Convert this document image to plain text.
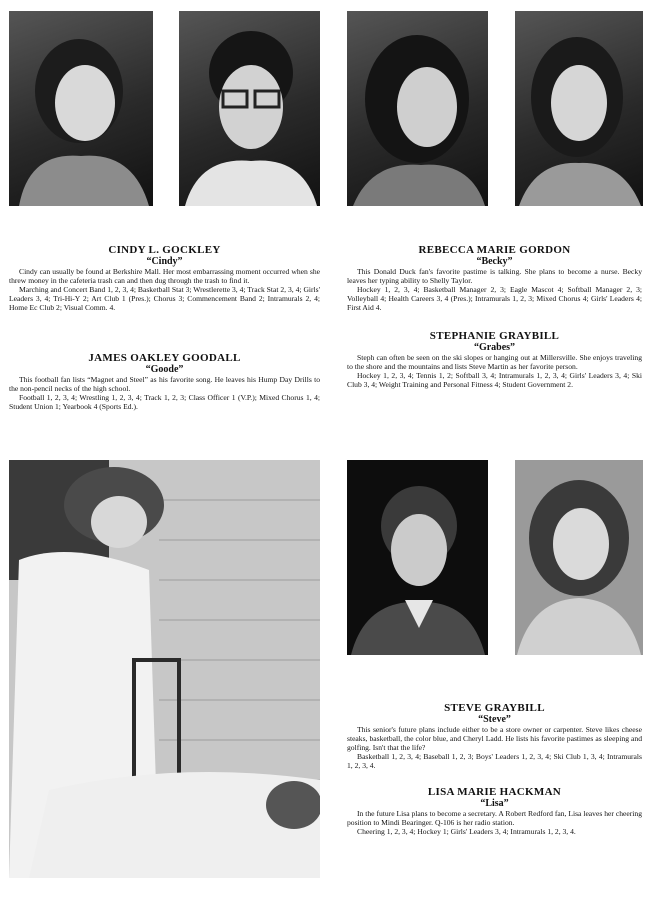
CINDY L. GOCKLEY

“Cindy”

Cindy can usually be found at Berkshire Mall. Her most embarrassing moment occurred when she threw money in the cafeteria trash can and then dug through the trash to find it.

Marching and Concert Band 1, 2, 3, 4; Basketball Stat 3; Wrestlerette 3, 4; Track Stat 2, 3, 4; Girls' Leaders 3, 4; Tri-Hi-Y 2; Art Club 1 (Pres.); Chorus 3; Commencement Band 2; Intramurals 2, 4; Home Ec Club 2; Visual Comm. 4.

JAMES OAKLEY GOODALL

“Goode”

This football fan lists “Magnet and Steel” as his favorite song. He leaves his Hump Day Drills to the non-pencil necks of the high school.

Football 1, 2, 3, 4; Wrestling 1, 2, 3, 4; Track 1, 2, 3; Class Officer 1 (V.P.); Mixed Chorus 1, 4; Student Union 1; Yearbook 4 (Sports Ed.).

REBECCA MARIE GORDON

“Becky”

This Donald Duck fan's favorite pastime is talking. She plans to become a nurse. Becky leaves her typing ability to Shelly Taylor.

Hockey 1, 2, 3, 4; Basketball Manager 2, 3; Eagle Mascot 4; Softball Manager 2, 3; Volleyball 4; Health Careers 3, 4 (Pres.); Intramurals 1, 2, 3; Mixed Chorus 4; Girls' Leaders 4; First Aid 4.

STEPHANIE GRAYBILL

“Grabes”

Steph can often be seen on the ski slopes or hanging out at Millersville. She enjoys traveling to the shore and the mountains and lists Steve Martin as her favorite person.

Hockey 1, 2, 3, 4; Tennis 1, 2; Softball 3, 4; Intramurals 1, 2, 3, 4; Girls' Leaders 3, 4; Ski Club 3, 4; Weight Training and Personal Fitness 4; Student Government 2.

STEVE GRAYBILL

“Steve”

This senior's future plans include either to be a store owner or carpenter. Steve likes cheese steaks, basketball, the color blue, and Cheryl Ladd. He lists his favorite pastimes as sleeping and golfing. Isn't that the life?

Basketball 1, 2, 3, 4; Baseball 1, 2, 3; Boys' Leaders 1, 2, 3, 4; Ski Club 1, 3, 4; Intramurals 1, 2, 3, 4.

LISA MARIE HACKMAN

“Lisa”

In the future Lisa plans to become a secretary. A Robert Redford fan, Lisa leaves her cheering position to Mindi Bearinger. Q-106 is her radio station.

Cheering 1, 2, 3, 4; Hockey 1; Girls' Leaders 3, 4; Intramurals 1, 2, 3, 4.
